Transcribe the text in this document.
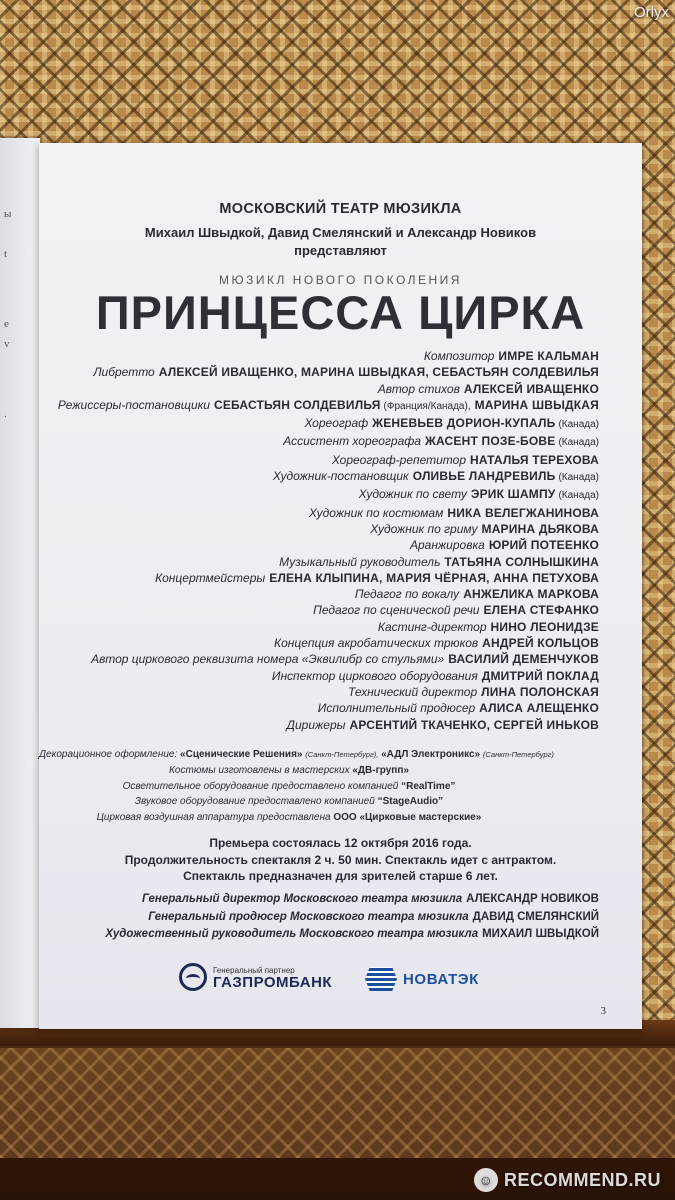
Orlyx
☺ RECOMMEND.RU
ы
t
e
v
.
МОСКОВСКИЙ ТЕАТР МЮЗИКЛА
Михаил Швыдкой, Давид Смелянский и Александр Новиков
представляют
МЮЗИКЛ НОВОГО ПОКОЛЕНИЯ
ПРИНЦЕССА ЦИРКА
Композитор ИМРЕ КАЛЬМАН
Либретто АЛЕКСЕЙ ИВАЩЕНКО, МАРИНА ШВЫДКАЯ, СЕБАСТЬЯН СОЛДЕВИЛЬЯ
Автор стихов АЛЕКСЕЙ ИВАЩЕНКО
Режиссеры-постановщики СЕБАСТЬЯН СОЛДЕВИЛЬЯ (Франция/Канада), МАРИНА ШВЫДКАЯ
Хореограф ЖЕНЕВЬЕВ ДОРИОН-КУПАЛЬ (Канада)
Ассистент хореографа ЖАСЕНТ ПОЗЕ-БОВЕ (Канада)
Хореограф-репетитор НАТАЛЬЯ ТЕРЕХОВА
Художник-постановщик ОЛИВЬЕ ЛАНДРЕВИЛЬ (Канада)
Художник по свету ЭРИК ШАМПУ (Канада)
Художник по костюмам НИКА ВЕЛЕГЖАНИНОВА
Художник по гриму МАРИНА ДЬЯКОВА
Аранжировка ЮРИЙ ПОТЕЕНКО
Музыкальный руководитель ТАТЬЯНА СОЛНЫШКИНА
Концертмейстеры ЕЛЕНА КЛЫПИНА, МАРИЯ ЧЁРНАЯ, АННА ПЕТУХОВА
Педагог по вокалу АНЖЕЛИКА МАРКОВА
Педагог по сценической речи ЕЛЕНА СТЕФАНКО
Кастинг-директор НИНО ЛЕОНИДЗЕ
Концепция акробатических трюков АНДРЕЙ КОЛЬЦОВ
Автор циркового реквизита номера «Эквилибр со стульями» ВАСИЛИЙ ДЕМЕНЧУКОВ
Инспектор циркового оборудования ДМИТРИЙ ПОКЛАД
Технический директор ЛИНА ПОЛОНСКАЯ
Исполнительный продюсер АЛИСА АЛЕЩЕНКО
Дирижеры АРСЕНТИЙ ТКАЧЕНКО, СЕРГЕЙ ИНЬКОВ
Декорационное оформление: «Сценические Решения» (Санкт-Петербург), «АДЛ Электроникс» (Санкт-Петербург)
Костюмы изготовлены в мастерских «ДВ-групп»
Осветительное оборудование предоставлено компанией “RealTime”
Звуковое оборудование предоставлено компанией “StageAudio”
Цирковая воздушная аппаратура предоставлена ООО «Цирковые мастерские»
Премьера состоялась 12 октября 2016 года.
Продолжительность спектакля 2 ч. 50 мин. Спектакль идет с антрактом.
Спектакль предназначен для зрителей старше 6 лет.
Генеральный директор Московского театра мюзикла АЛЕКСАНДР НОВИКОВ
Генеральный продюсер Московского театра мюзикла ДАВИД СМЕЛЯНСКИЙ
Художественный руководитель Московского театра мюзикла МИХАИЛ ШВЫДКОЙ
Генеральный партнер
ГАЗПРОМБАНК	НОВАТЭК
3
